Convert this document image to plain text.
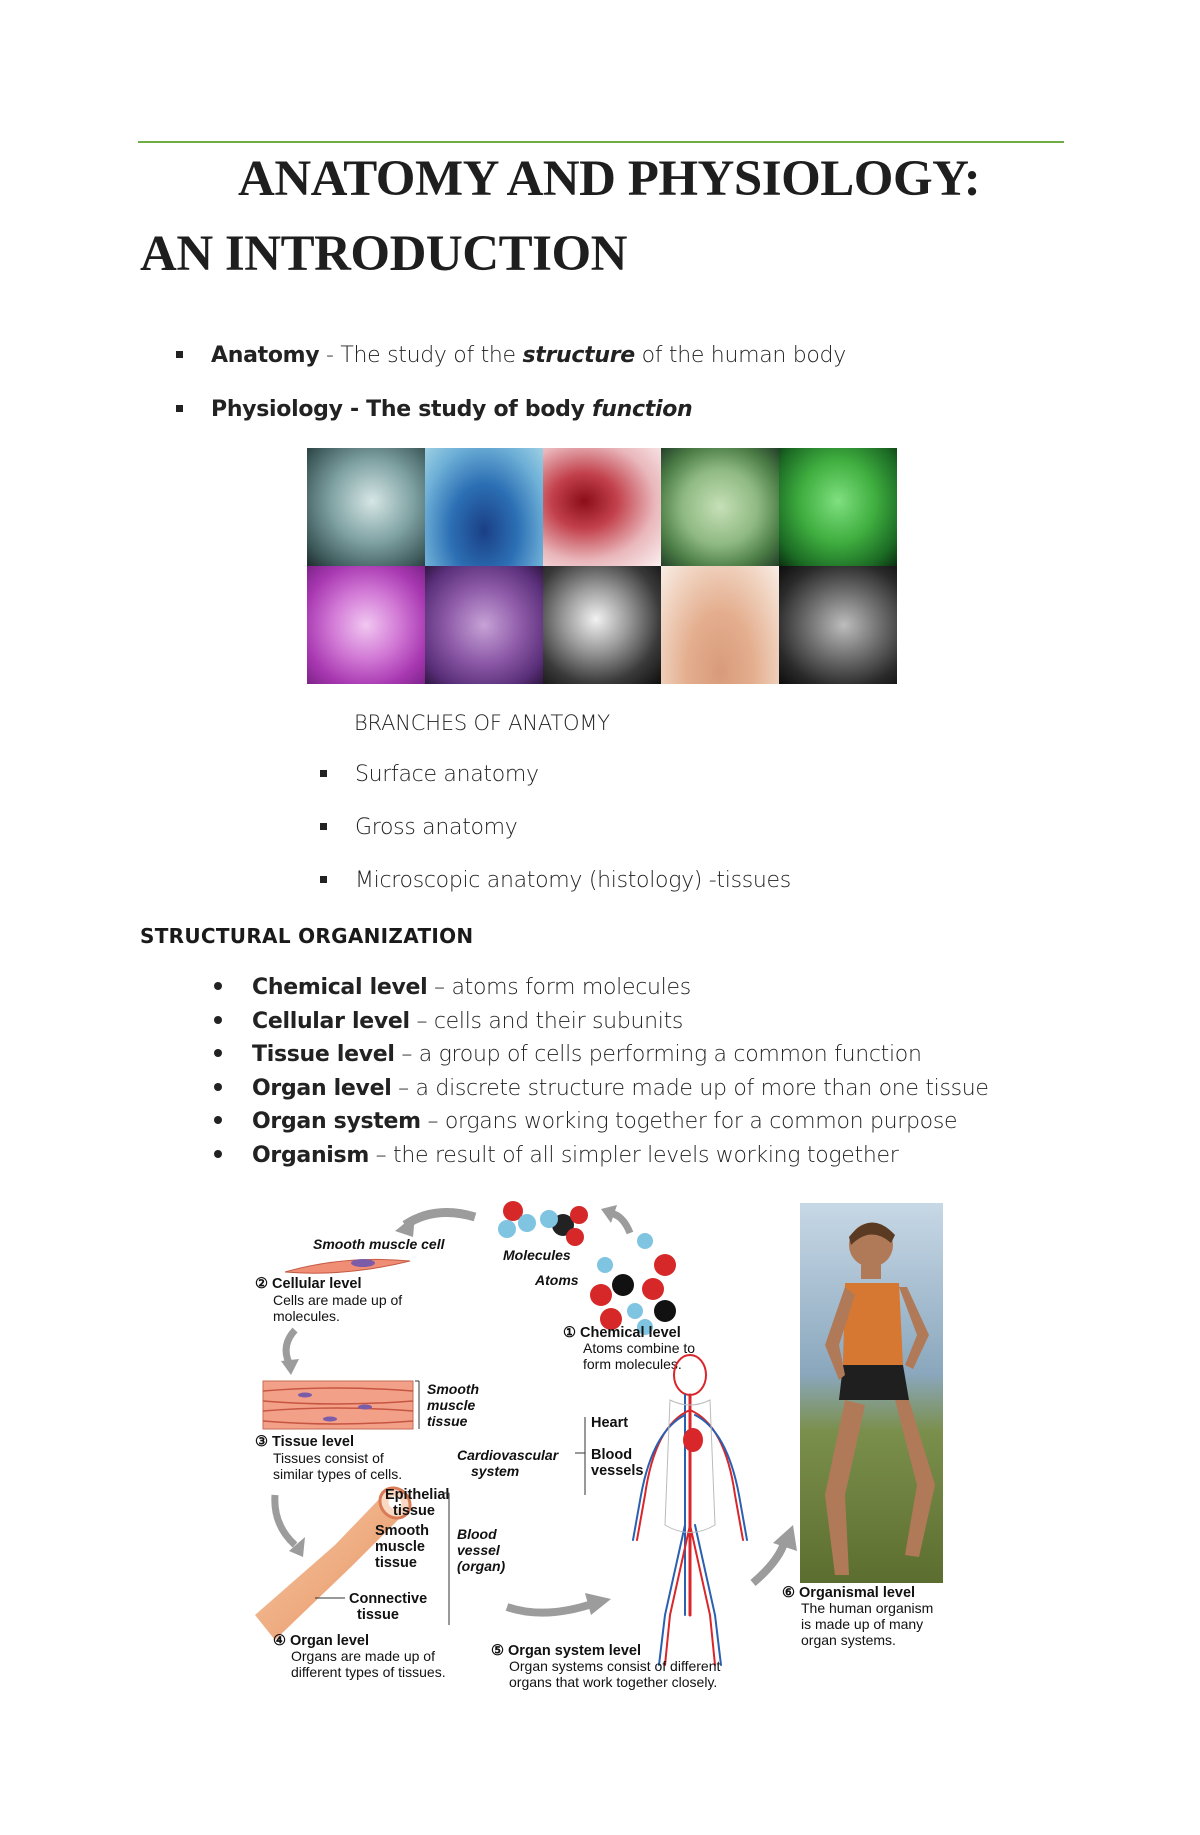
ANATOMY AND PHYSIOLOGY:
AN INTRODUCTION
Anatomy - The study of the structure of the human body
Physiology - The study of body function
BRANCHES OF ANATOMY
Surface anatomy
Gross anatomy
Microscopic anatomy (histology) -tissues
STRUCTURAL ORGANIZATION
Chemical level – atoms form molecules
Cellular level – cells and their subunits
Tissue level – a group of cells performing a common function
Organ level – a discrete structure made up of more than one tissue
Organ system – organs working together for a common purpose
Organism – the result of all simpler levels working together
Molecules
Atoms
Smooth muscle cell
② Cellular level
Cells are made up of
molecules.
① Chemical level
Atoms combine to
form molecules.
Smooth
muscle
tissue
③ Tissue level
Tissues consist of
similar types of cells.
Cardiovascular
system
Heart
Blood
vessels
Epithelial
tissue
Smooth
muscle
tissue
Blood
vessel
(organ)
Connective
tissue
④ Organ level
Organs are made up of
different types of tissues.
⑤ Organ system level
Organ systems consist of different
organs that work together closely.
⑥ Organismal level
The human organism
is made up of many
organ systems.
